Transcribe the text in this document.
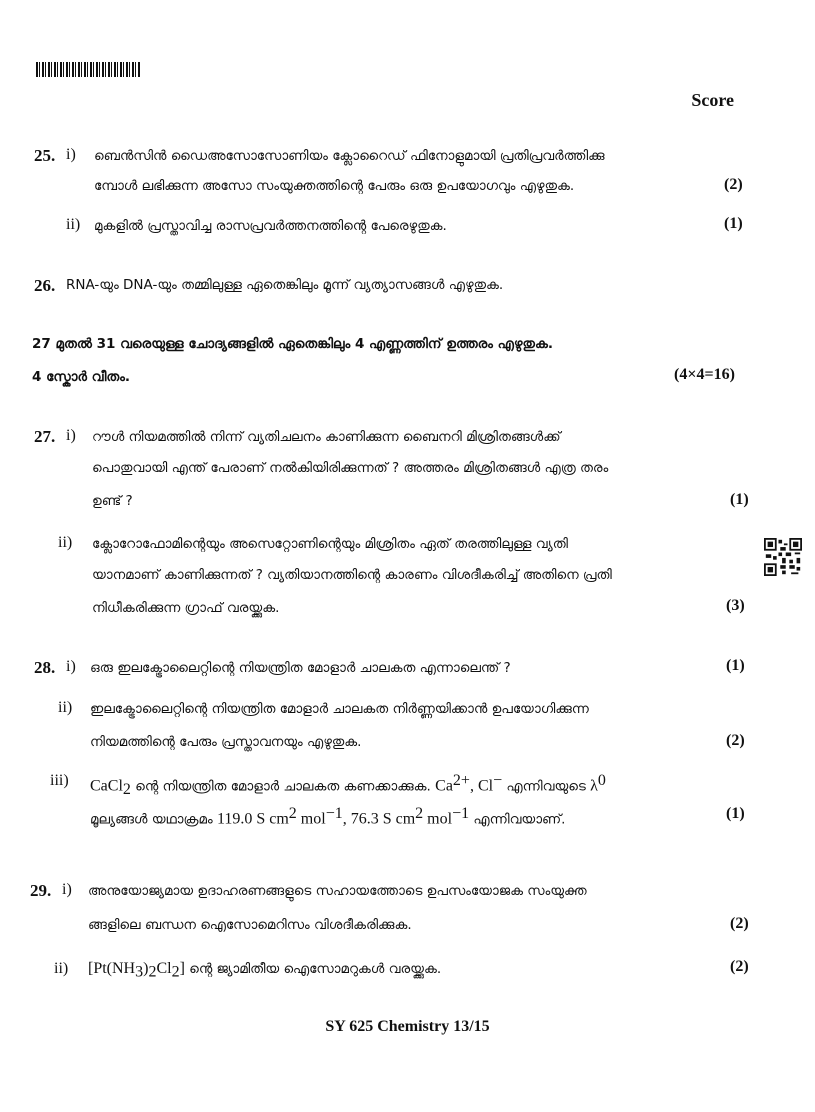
Score
25. i) ബെൻസിൻ ഡൈഅസോസോണിയം ക്ലോറൈഡ് ഫിനോളുമായി പ്രതിപ്രവർത്തിക്കു
മ്പോൾ ലഭിക്കുന്ന അസോ സംയുക്തത്തിന്റെ പേരും ഒരു ഉപയോഗവും എഴുതുക.	(2)
ii) മുകളിൽ പ്രസ്താവിച്ച രാസപ്രവർത്തനത്തിന്റെ പേരെഴുതുക.	(1)
26. RNA-യും DNA-യും തമ്മിലുള്ള ഏതെങ്കിലും മൂന്ന് വ്യത്യാസങ്ങൾ എഴുതുക.
27 മുതൽ 31 വരെയുള്ള ചോദ്യങ്ങളിൽ ഏതെങ്കിലും 4 എണ്ണത്തിന് ഉത്തരം എഴുതുക.
4 സ്കോർ വീതം.	(4×4=16)
27. i) റൗൾ നിയമത്തിൽ നിന്ന് വ്യതിചലനം കാണിക്കുന്ന ബൈനറി മിശ്രിതങ്ങൾക്ക്
പൊതുവായി എന്ത് പേരാണ് നൽകിയിരിക്കുന്നത് ? അത്തരം മിശ്രിതങ്ങൾ എത്ര തരം
ഉണ്ട് ?	(1)
ii) ക്ലോറോഫോമിന്റെയും അസെറ്റോണിന്റെയും മിശ്രിതം ഏത് തരത്തിലുള്ള വ്യതി
യാനമാണ് കാണിക്കുന്നത് ? വ്യതിയാനത്തിന്റെ കാരണം വിശദീകരിച്ച് അതിനെ പ്രതി
നിധീകരിക്കുന്ന ഗ്രാഫ് വരയ്ക്കുക.	(3)
28. i) ഒരു ഇലക്ട്രോലൈറ്റിന്റെ നിയന്ത്രിത മോളാർ ചാലകത എന്നാലെന്ത് ?	(1)
ii) ഇലക്ട്രോലൈറ്റിന്റെ നിയന്ത്രിത മോളാർ ചാലകത നിർണ്ണയിക്കാൻ ഉപയോഗിക്കുന്ന
നിയമത്തിന്റെ പേരും പ്രസ്താവനയും എഴുതുക.	(2)
iii) CaCl$_2$ ന്റെ നിയന്ത്രിത മോളാർ ചാലകത കണക്കാക്കുക. $Ca^{2+}$, Cl− എന്നിവയുടെ $\lambda^0$
മൂല്യങ്ങൾ യഥാക്രമം 119.0 S $cm^2$ mol$^{-1}$, 76.3 S $cm^2$ mol$^{-1}$ എന്നിവയാണ്.	(1)
29. i) അനുയോജ്യമായ ഉദാഹരണങ്ങളുടെ സഹായത്തോടെ ഉപസംയോജക സംയുക്ത
ങ്ങളിലെ ബന്ധന ഐസോമെറിസം വിശദീകരിക്കുക.	(2)
ii) $[Pt(NH_3)_2Cl_2]$ ന്റെ ജ്യാമിതീയ ഐസോമറുകൾ വരയ്ക്കുക.	(2)
SY 625 Chemistry 13/15
